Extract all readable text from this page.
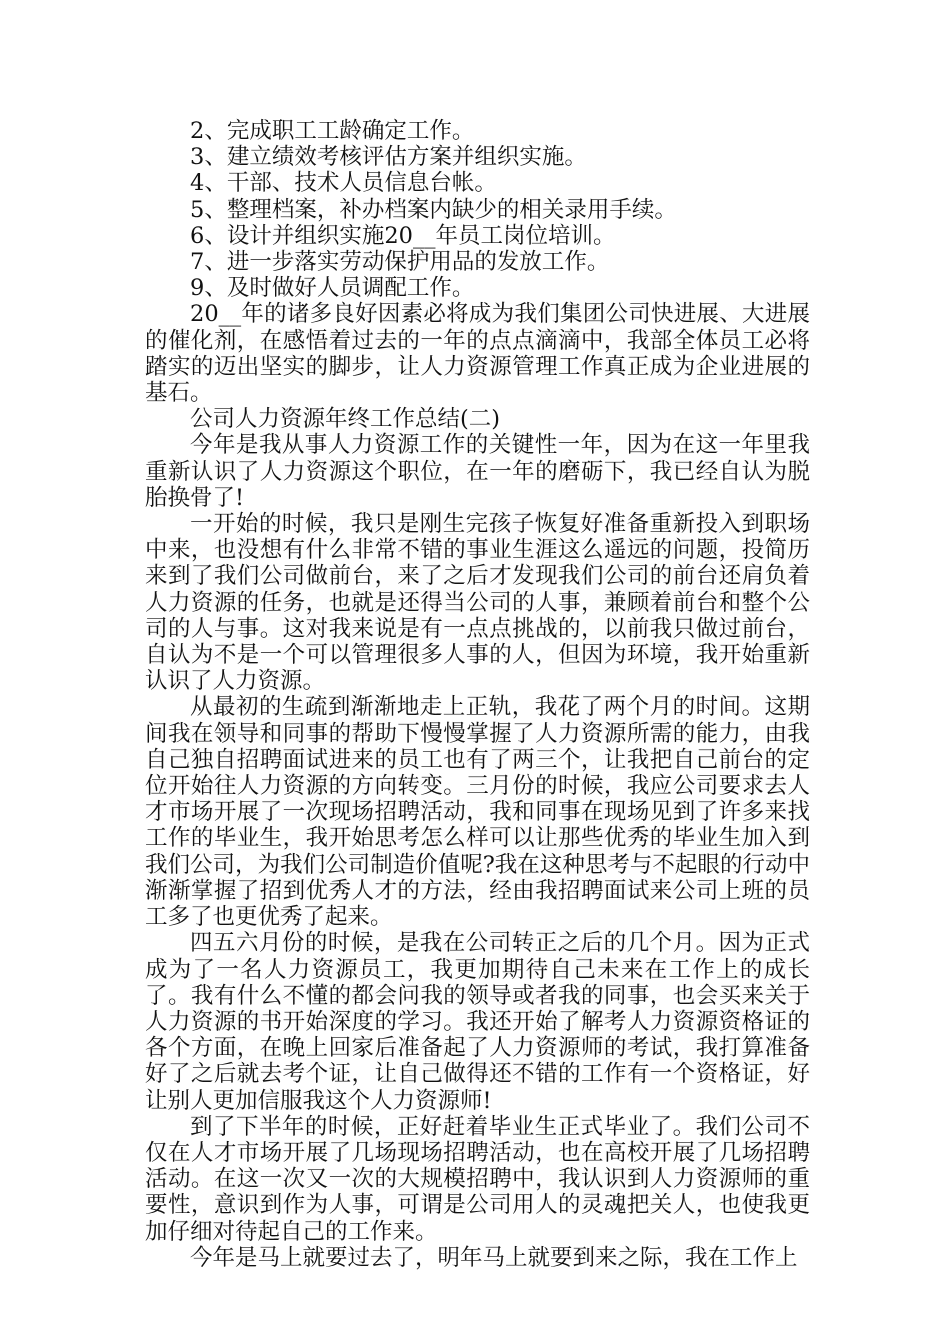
2、完成职工工龄确定工作。

3、建立绩效考核评估方案并组织实施。

4、干部、技术人员信息台帐。

5、整理档案，补办档案内缺少的相关录用手续。

6、设计并组织实施20__年员工岗位培训。

7、进一步落实劳动保护用品的发放工作。

9、及时做好人员调配工作。

20__年的诸多良好因素必将成为我们集团公司快进展、大进展的催化剂，在感悟着过去的一年的点点滴滴中，我部全体员工必将踏实的迈出坚实的脚步，让人力资源管理工作真正成为企业进展的基石。

公司人力资源年终工作总结(二)

今年是我从事人力资源工作的关键性一年，因为在这一年里我重新认识了人力资源这个职位，在一年的磨砺下，我已经自认为脱胎换骨了!

一开始的时候，我只是刚生完孩子恢复好准备重新投入到职场中来，也没想有什么非常不错的事业生涯这么遥远的问题，投简历来到了我们公司做前台，来了之后才发现我们公司的前台还肩负着人力资源的任务，也就是还得当公司的人事，兼顾着前台和整个公司的人与事。这对我来说是有一点点挑战的，以前我只做过前台，自认为不是一个可以管理很多人事的人，但因为环境，我开始重新认识了人力资源。

从最初的生疏到渐渐地走上正轨，我花了两个月的时间。这期间我在领导和同事的帮助下慢慢掌握了人力资源所需的能力，由我自己独自招聘面试进来的员工也有了两三个，让我把自己前台的定位开始往人力资源的方向转变。三月份的时候，我应公司要求去人才市场开展了一次现场招聘活动，我和同事在现场见到了许多来找工作的毕业生，我开始思考怎么样可以让那些优秀的毕业生加入到我们公司，为我们公司制造价值呢?我在这种思考与不起眼的行动中渐渐掌握了招到优秀人才的方法，经由我招聘面试来公司上班的员工多了也更优秀了起来。

四五六月份的时候，是我在公司转正之后的几个月。因为正式成为了一名人力资源员工，我更加期待自己未来在工作上的成长了。我有什么不懂的都会问我的领导或者我的同事，也会买来关于人力资源的书开始深度的学习。我还开始了解考人力资源资格证的各个方面，在晚上回家后准备起了人力资源师的考试，我打算准备好了之后就去考个证，让自己做得还不错的工作有一个资格证，好让别人更加信服我这个人力资源师!

到了下半年的时候，正好赶着毕业生正式毕业了。我们公司不仅在人才市场开展了几场现场招聘活动，也在高校开展了几场招聘活动。在这一次又一次的大规模招聘中，我认识到人力资源师的重要性，意识到作为人事，可谓是公司用人的灵魂把关人，也使我更加仔细对待起自己的工作来。

今年是马上就要过去了，明年马上就要到来之际，我在工作上
